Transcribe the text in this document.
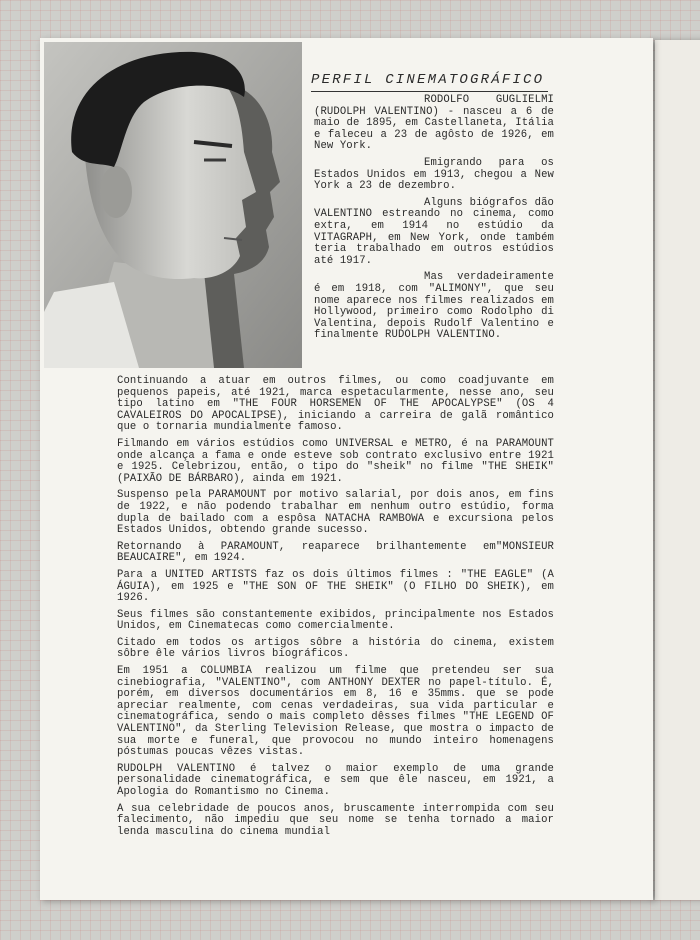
PERFIL CINEMATOGRÁFICO

RODOLFO GUGLIELMI (RUDOLPH VALENTINO) - nasceu a 6 de maio de 1895, em Castellaneta, Itália e faleceu a 23 de agôsto de 1926, em New York.

Emigrando para os Estados Unidos em 1913, chegou a New York a 23 de dezembro.

Alguns biógrafos dão VALENTINO estreando no cinema, como extra, em 1914 no estúdio da VITAGRAPH, em New York, onde também teria trabalhado em outros estúdios até 1917.

Mas verdadeiramente é em 1918, com "ALIMONY", que seu nome aparece nos filmes realizados em Hollywood, primeiro como Rodolpho di Valentina, depois Rudolf Valentino e finalmente RUDOLPH VALENTINO.

Continuando a atuar em outros filmes, ou como coadjuvante em pequenos papeis, até 1921, marca espetacularmente, nesse ano, seu tipo latino em "THE FOUR HORSEMEN OF THE APOCALYPSE" (OS 4 CAVALEIROS DO APOCALIPSE), iniciando a carreira de galã romântico que o tornaria mundialmente famoso.

Filmando em vários estúdios como UNIVERSAL e METRO, é na PARAMOUNT onde alcança a fama e onde esteve sob contrato exclusivo entre 1921 e 1925. Celebrizou, então, o tipo do "sheik" no filme "THE SHEIK" (PAIXÃO DE BÁRBARO), ainda em 1921.

Suspenso pela PARAMOUNT por motivo salarial, por dois anos, em fins de 1922, e não podendo trabalhar em nenhum outro estúdio, forma dupla de bailado com a espôsa NATACHA RAMBOWA e excursiona pelos Estados Unidos, obtendo grande sucesso.

Retornando à PARAMOUNT, reaparece brilhantemente em"MONSIEUR BEAUCAIRE", em 1924.

Para a UNITED ARTISTS faz os dois últimos filmes : "THE EAGLE" (A ÁGUIA), em 1925 e "THE SON OF THE SHEIK" (O FILHO DO SHEIK), em 1926.

Seus filmes são constantemente exibidos, principalmente nos Estados Unidos, em Cinematecas como comercialmente.

Citado em todos os artigos sôbre a história do cinema, existem sôbre êle vários livros biográficos.

Em 1951 a COLUMBIA realizou um filme que pretendeu ser sua cinebiografia, "VALENTINO", com ANTHONY DEXTER no papel-título. É, porém, em diversos documentários em 8, 16 e 35mms. que se pode apreciar realmente, com cenas verdadeiras, sua vida particular e cinematográfica, sendo o mais completo dêsses filmes "THE LEGEND OF VALENTINO", da Sterling Television Release, que mostra o impacto de sua morte e funeral, que provocou no mundo inteiro homenagens póstumas poucas vêzes vistas.

RUDOLPH VALENTINO é talvez o maior exemplo de uma grande personalidade cinematográfica, e sem que êle nasceu, em 1921, a Apologia do Romantismo no Cinema.

A sua celebridade de poucos anos, bruscamente interrompida com seu falecimento, não impediu que seu nome se tenha tornado a maior lenda masculina do cinema mundial
